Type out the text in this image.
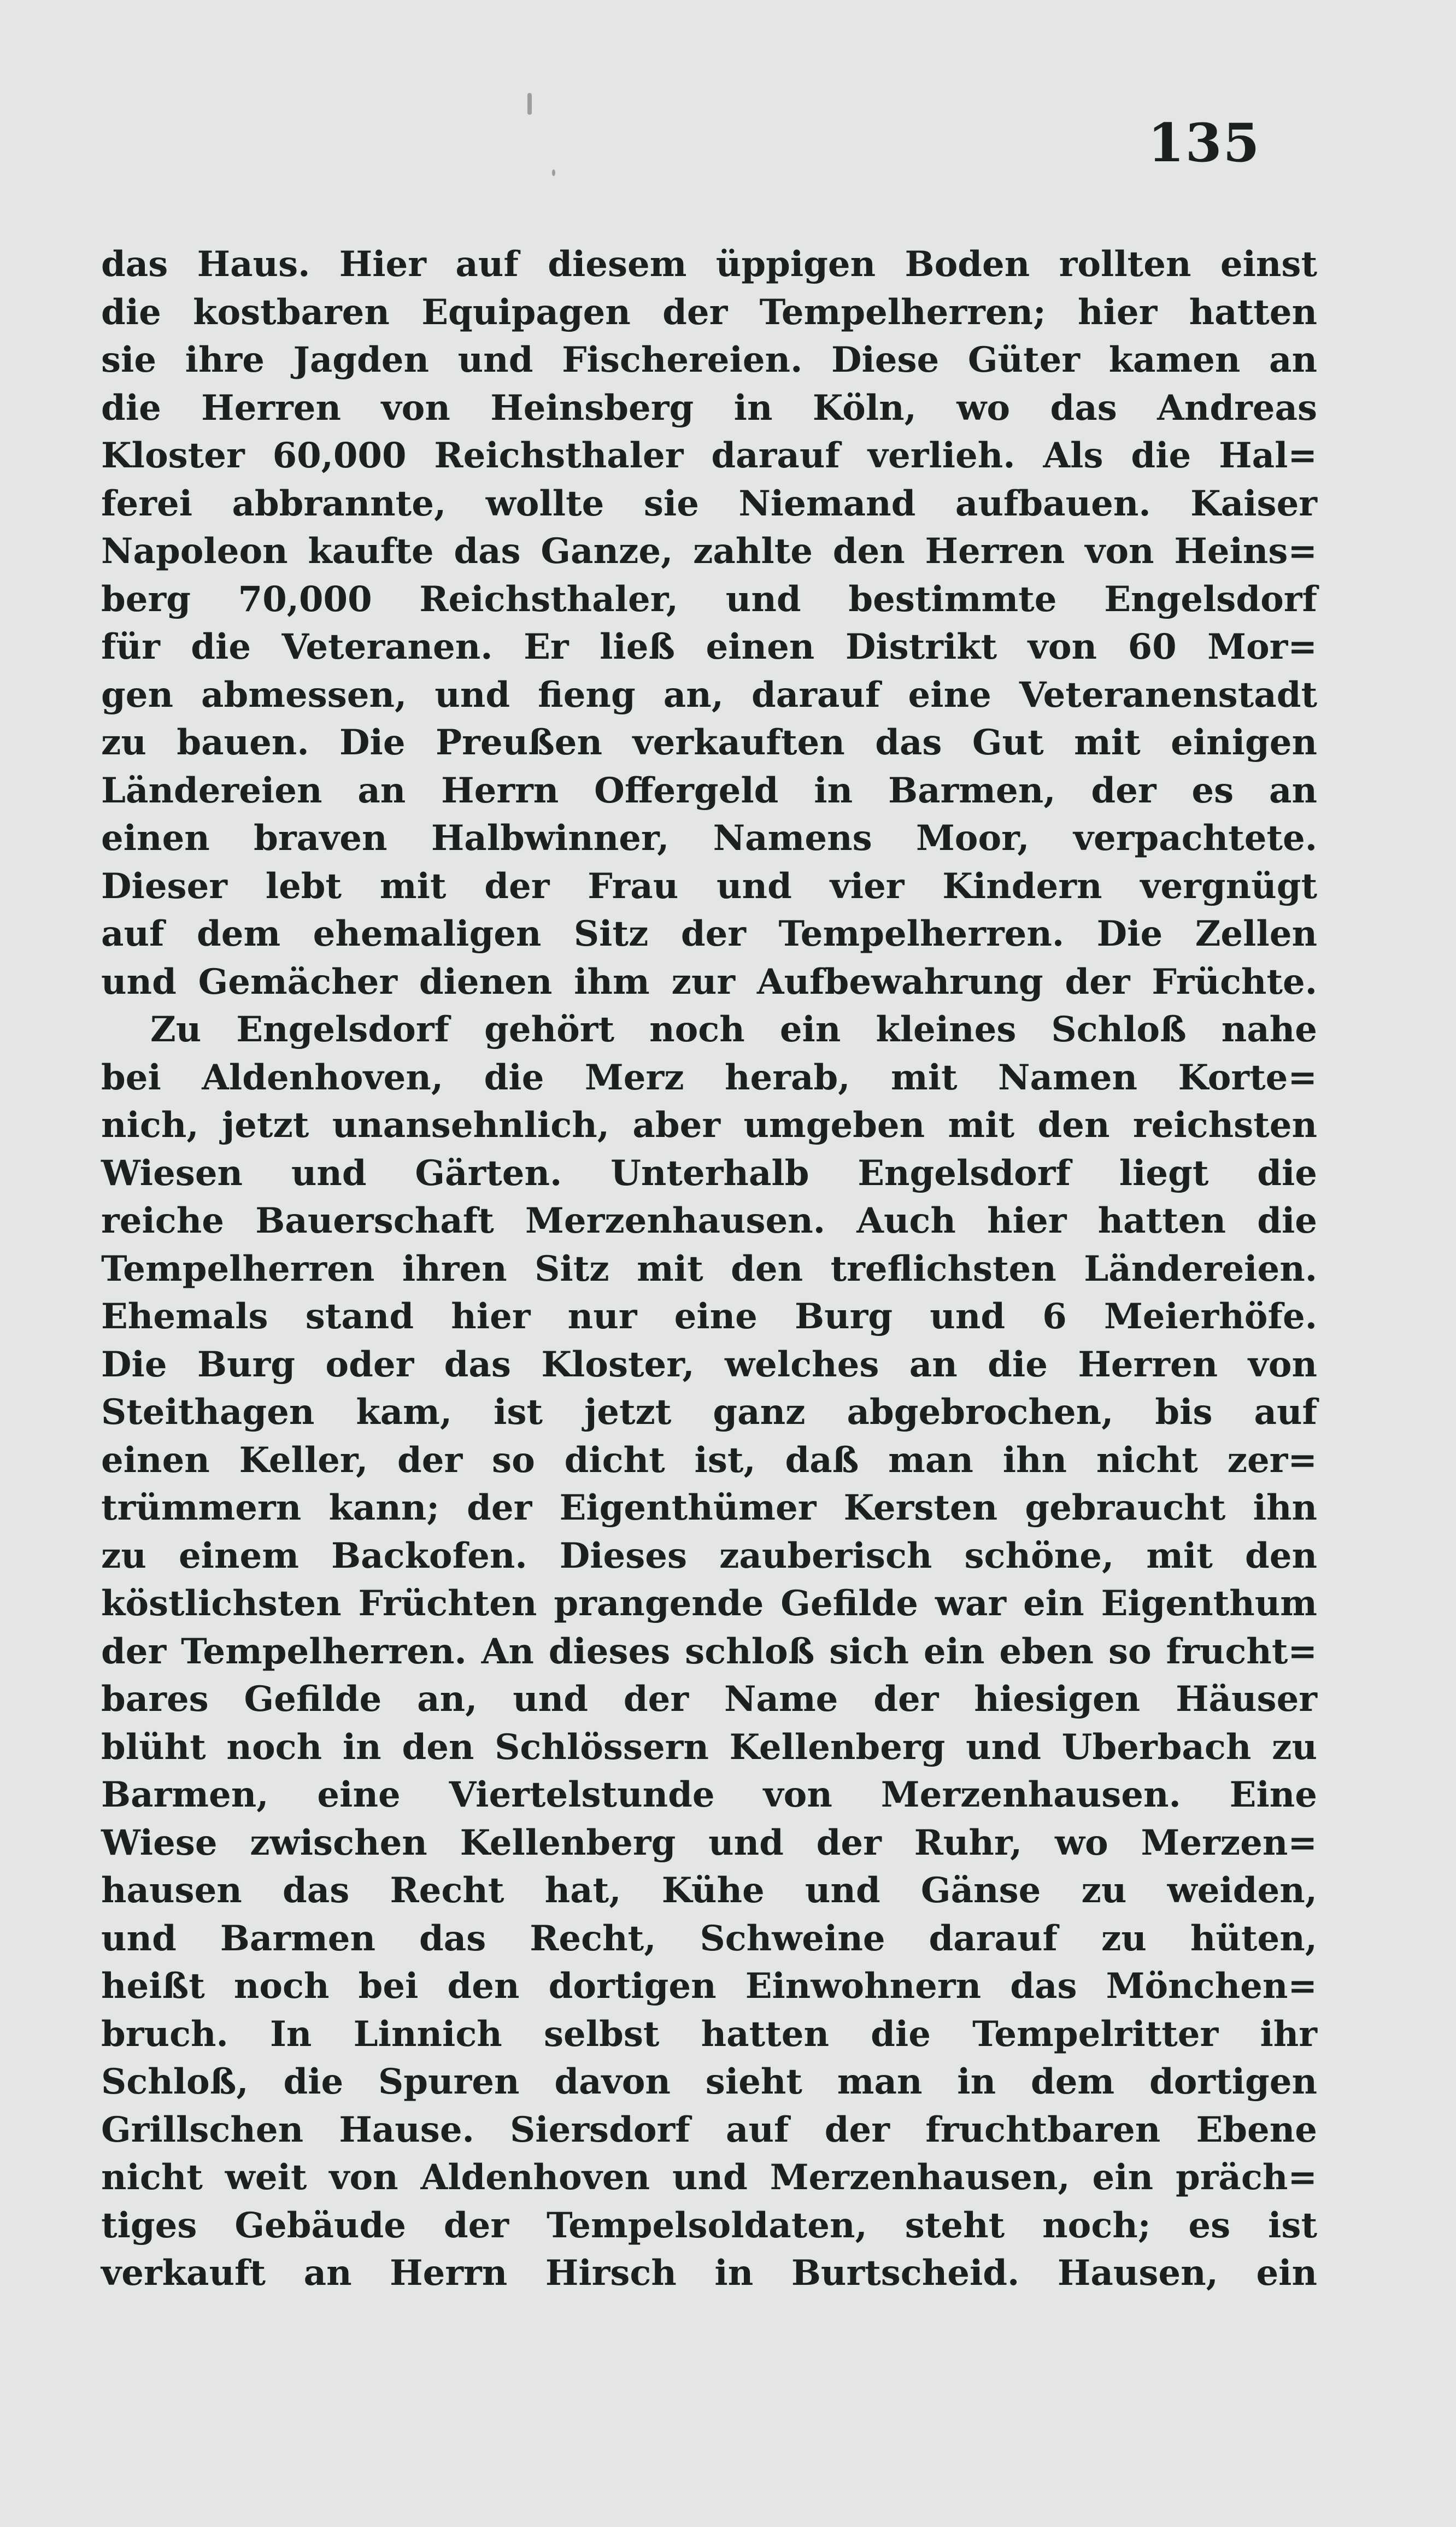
135
das Haus. Hier auf diesem üppigen Boden rollten einst
die kostbaren Equipagen der Tempelherren; hier hatten
sie ihre Jagden und Fischereien. Diese Güter kamen an
die Herren von Heinsberg in Köln, wo das Andreas
Kloster 60,000 Reichsthaler darauf verlieh. Als die Hal=
ferei abbrannte, wollte sie Niemand aufbauen. Kaiser
Napoleon kaufte das Ganze, zahlte den Herren von Heins=
berg 70,000 Reichsthaler, und bestimmte Engelsdorf
für die Veteranen. Er ließ einen Distrikt von 60 Mor=
gen abmessen, und fieng an, darauf eine Veteranenstadt
zu bauen. Die Preußen verkauften das Gut mit einigen
Ländereien an Herrn Offergeld in Barmen, der es an
einen braven Halbwinner, Namens Moor, verpachtete.
Dieser lebt mit der Frau und vier Kindern vergnügt
auf dem ehemaligen Sitz der Tempelherren. Die Zellen
und Gemächer dienen ihm zur Aufbewahrung der Früchte.
Zu Engelsdorf gehört noch ein kleines Schloß nahe
bei Aldenhoven, die Merz herab, mit Namen Korte=
nich, jetzt unansehnlich, aber umgeben mit den reichsten
Wiesen und Gärten. Unterhalb Engelsdorf liegt die
reiche Bauerschaft Merzenhausen. Auch hier hatten die
Tempelherren ihren Sitz mit den treflichsten Ländereien.
Ehemals stand hier nur eine Burg und 6 Meierhöfe.
Die Burg oder das Kloster, welches an die Herren von
Steithagen kam, ist jetzt ganz abgebrochen, bis auf
einen Keller, der so dicht ist, daß man ihn nicht zer=
trümmern kann; der Eigenthümer Kersten gebraucht ihn
zu einem Backofen. Dieses zauberisch schöne, mit den
köstlichsten Früchten prangende Gefilde war ein Eigenthum
der Tempelherren. An dieses schloß sich ein eben so frucht=
bares Gefilde an, und der Name der hiesigen Häuser
blüht noch in den Schlössern Kellenberg und Uberbach zu
Barmen, eine Viertelstunde von Merzenhausen. Eine
Wiese zwischen Kellenberg und der Ruhr, wo Merzen=
hausen das Recht hat, Kühe und Gänse zu weiden,
und Barmen das Recht, Schweine darauf zu hüten,
heißt noch bei den dortigen Einwohnern das Mönchen=
bruch. In Linnich selbst hatten die Tempelritter ihr
Schloß, die Spuren davon sieht man in dem dortigen
Grillschen Hause. Siersdorf auf der fruchtbaren Ebene
nicht weit von Aldenhoven und Merzenhausen, ein präch=
tiges Gebäude der Tempelsoldaten, steht noch; es ist
verkauft an Herrn Hirsch in Burtscheid. Hausen, ein
